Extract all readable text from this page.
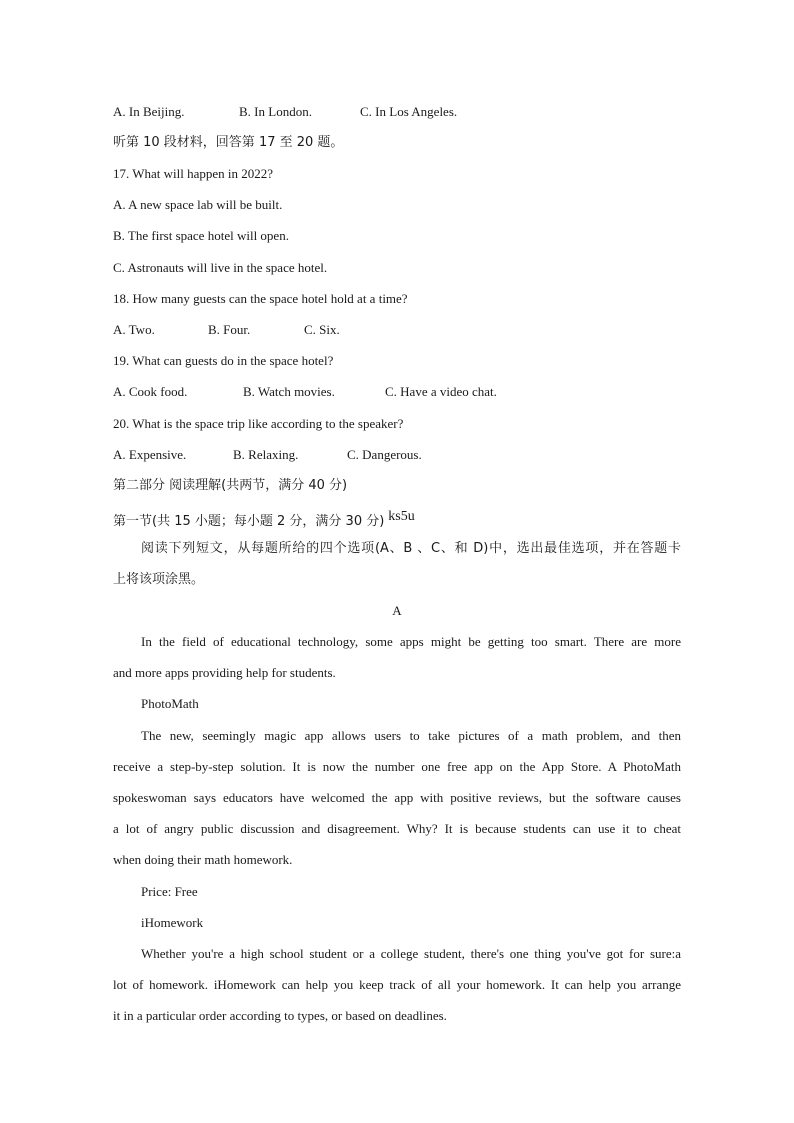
A. In Beijing.	B. In London.	C. In Los Angeles.
听第 10 段材料，回答第 17 至 20 题。
17. What will happen in 2022?
A. A new space lab will be built.
B. The first space hotel will open.
C. Astronauts will live in the space hotel.
18. How many guests can the space hotel hold at a time?
A. Two.	B. Four.	C. Six.
19. What can guests do in the space hotel?
A. Cook food.	B. Watch movies.	C. Have a video chat.
20. What is the space trip like according to the speaker?
A. Expensive.	B. Relaxing.	C. Dangerous.
第二部分 阅读理解(共两节，满分 40 分)
第一节(共 15 小题；每小题 2 分，满分 30 分) ks5u
阅读下列短文，从每题所给的四个选项(A、B 、C、和 D)中，选出最佳选项，并在答题卡
上将该项涂黑。
A
In the field of educational technology, some apps might be getting too smart. There are more
and more apps providing help for students.
PhotoMath
The new, seemingly magic app allows users to take pictures of a math problem, and then
receive a step-by-step solution. It is now the number one free app on the App Store. A PhotoMath
spokeswoman says educators have welcomed the app with positive reviews, but the software causes
a lot of angry public discussion and disagreement. Why? It is because students can use it to cheat
when doing their math homework.
Price: Free
iHomework
Whether you're a high school student or a college student, there's one thing you've got for sure:a
lot of homework. iHomework can help you keep track of all your homework. It can help you arrange
it in a particular order according to types, or based on deadlines.
